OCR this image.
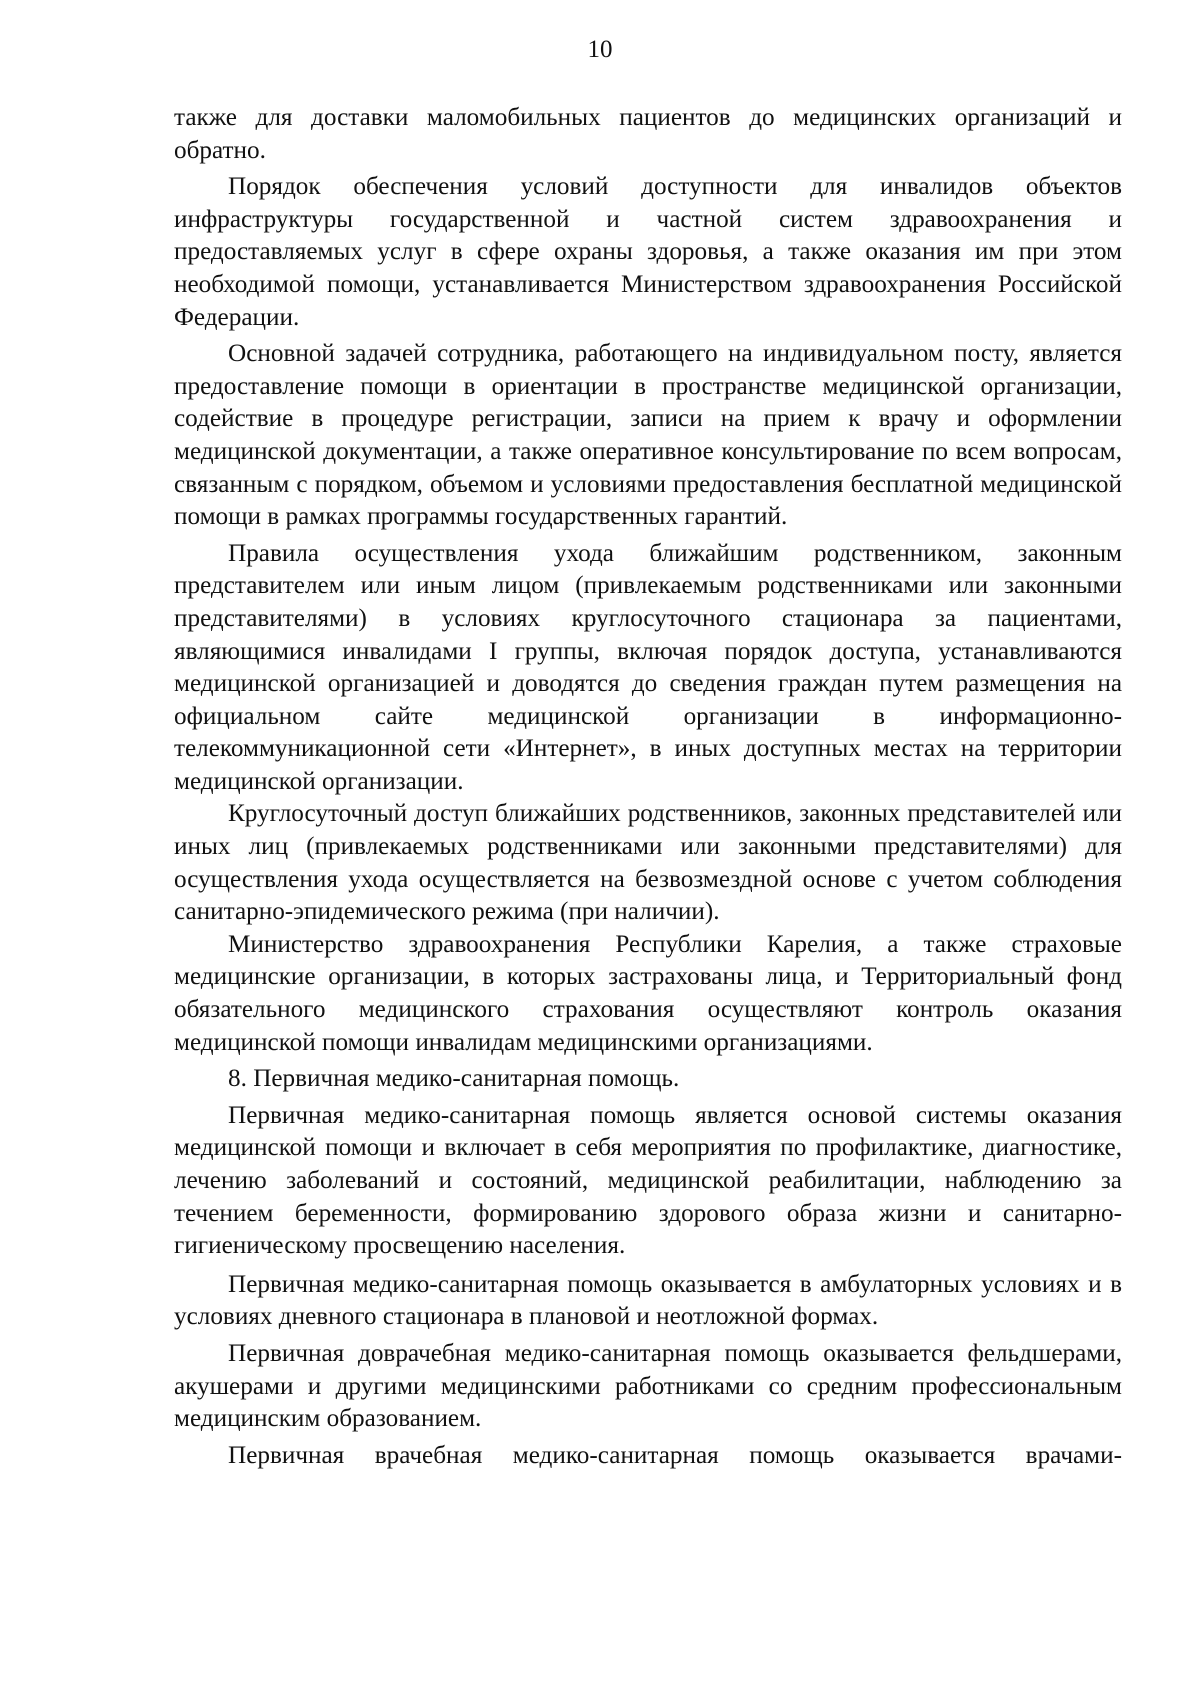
10

также для доставки маломобильных пациентов до медицинских организаций и обратно.

Порядок обеспечения условий доступности для инвалидов объектов инфраструктуры государственной и частной систем здравоохранения и предоставляемых услуг в сфере охраны здоровья, а также оказания им при этом необходимой помощи, устанавливается Министерством здравоохранения Российской Федерации.

Основной задачей сотрудника, работающего на индивидуальном посту, является предоставление помощи в ориентации в пространстве медицинской организации, содействие в процедуре регистрации, записи на прием к врачу и оформлении медицинской документации, а также оперативное консультирование по всем вопросам, связанным с порядком, объемом и условиями предоставления бесплатной медицинской помощи в рамках программы государственных гарантий.

Правила осуществления ухода ближайшим родственником, законным представителем или иным лицом (привлекаемым родственниками или законными представителями) в условиях круглосуточного стационара за пациентами, являющимися инвалидами I группы, включая порядок доступа, устанавливаются медицинской организацией и доводятся до сведения граждан путем размещения на официальном сайте медицинской организации в информационно-телекоммуникационной сети «Интернет», в иных доступных местах на территории медицинской организации.

Круглосуточный доступ ближайших родственников, законных представителей или иных лиц (привлекаемых родственниками или законными представителями) для осуществления ухода осуществляется на безвозмездной основе с учетом соблюдения санитарно-эпидемического режима (при наличии).

Министерство здравоохранения Республики Карелия, а также страховые медицинские организации, в которых застрахованы лица, и Территориальный фонд обязательного медицинского страхования осуществляют контроль оказания медицинской помощи инвалидам медицинскими организациями.

8. Первичная медико-санитарная помощь.

Первичная медико-санитарная помощь является основой системы оказания медицинской помощи и включает в себя мероприятия по профилактике, диагностике, лечению заболеваний и состояний, медицинской реабилитации, наблюдению за течением беременности, формированию здорового образа жизни и санитарно-гигиеническому просвещению населения.

Первичная медико-санитарная помощь оказывается в амбулаторных условиях и в условиях дневного стационара в плановой и неотложной формах.

Первичная доврачебная медико-санитарная помощь оказывается фельдшерами, акушерами и другими медицинскими работниками со средним профессиональным медицинским образованием.

Первичная врачебная медико-санитарная помощь оказывается врачами-
